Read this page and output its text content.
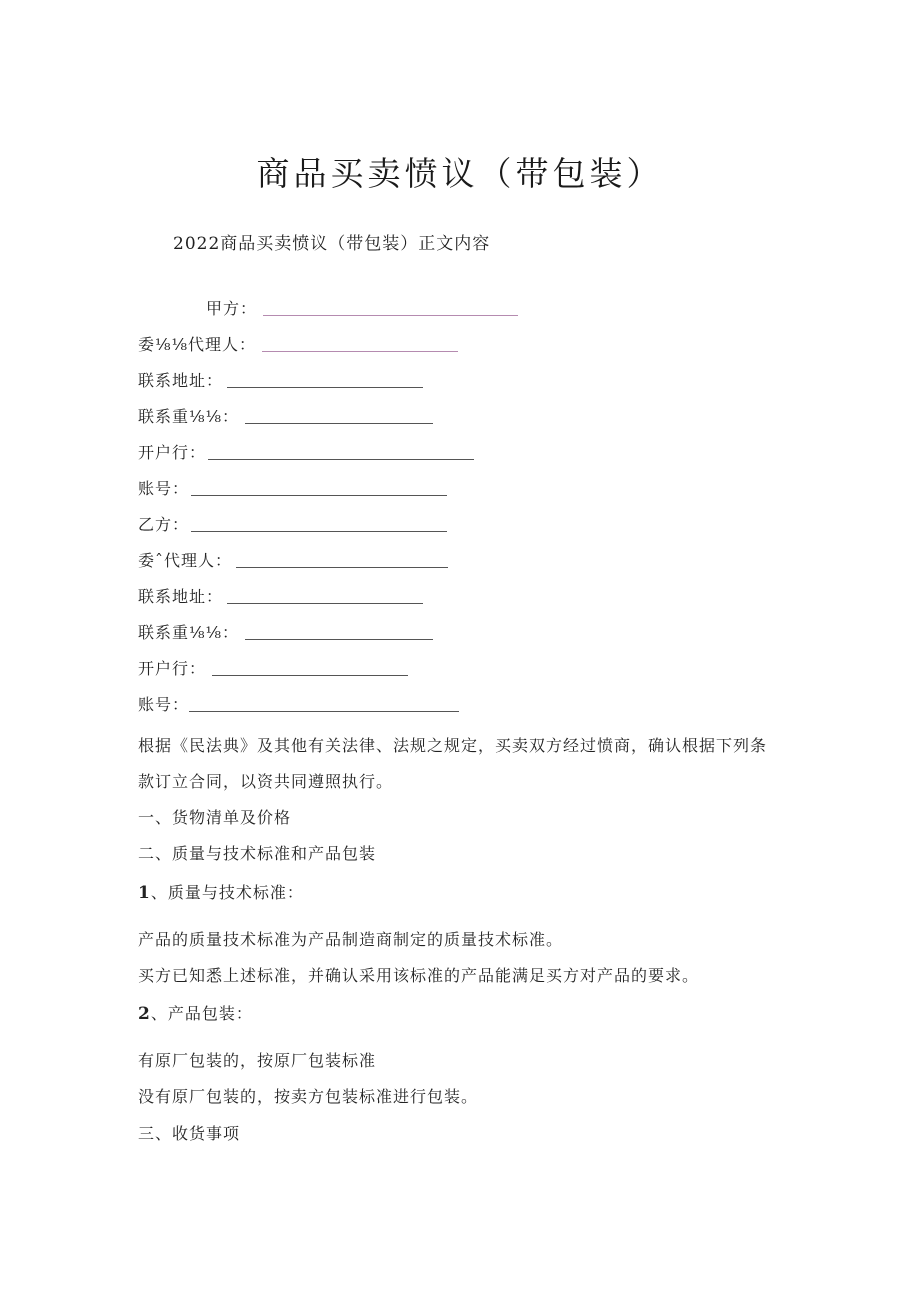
商品买卖愤议（带包装）
2022商品买卖愤议（带包装）正文内容
甲方：
委⅛⅛代理人：
联系地址：
联系重⅛⅛：
开户行：
账号：
乙方：
委ˆ代理人：
联系地址：
联系重⅛⅛：
开户行：
账号：
根据《民法典》及其他有关法律、法规之规定，买卖双方经过愤商，确认根据下列条
款订立合同，以资共同遵照执行。
一、货物清单及价格
二、质量与技术标准和产品包装
1、质量与技术标准：
产品的质量技术标准为产品制造商制定的质量技术标准。
买方已知悉上述标准，并确认采用该标准的产品能满足买方对产品的要求。
2、产品包装：
有原厂包装的，按原厂包装标准
没有原厂包装的，按卖方包装标准进行包装。
三、收货事项
